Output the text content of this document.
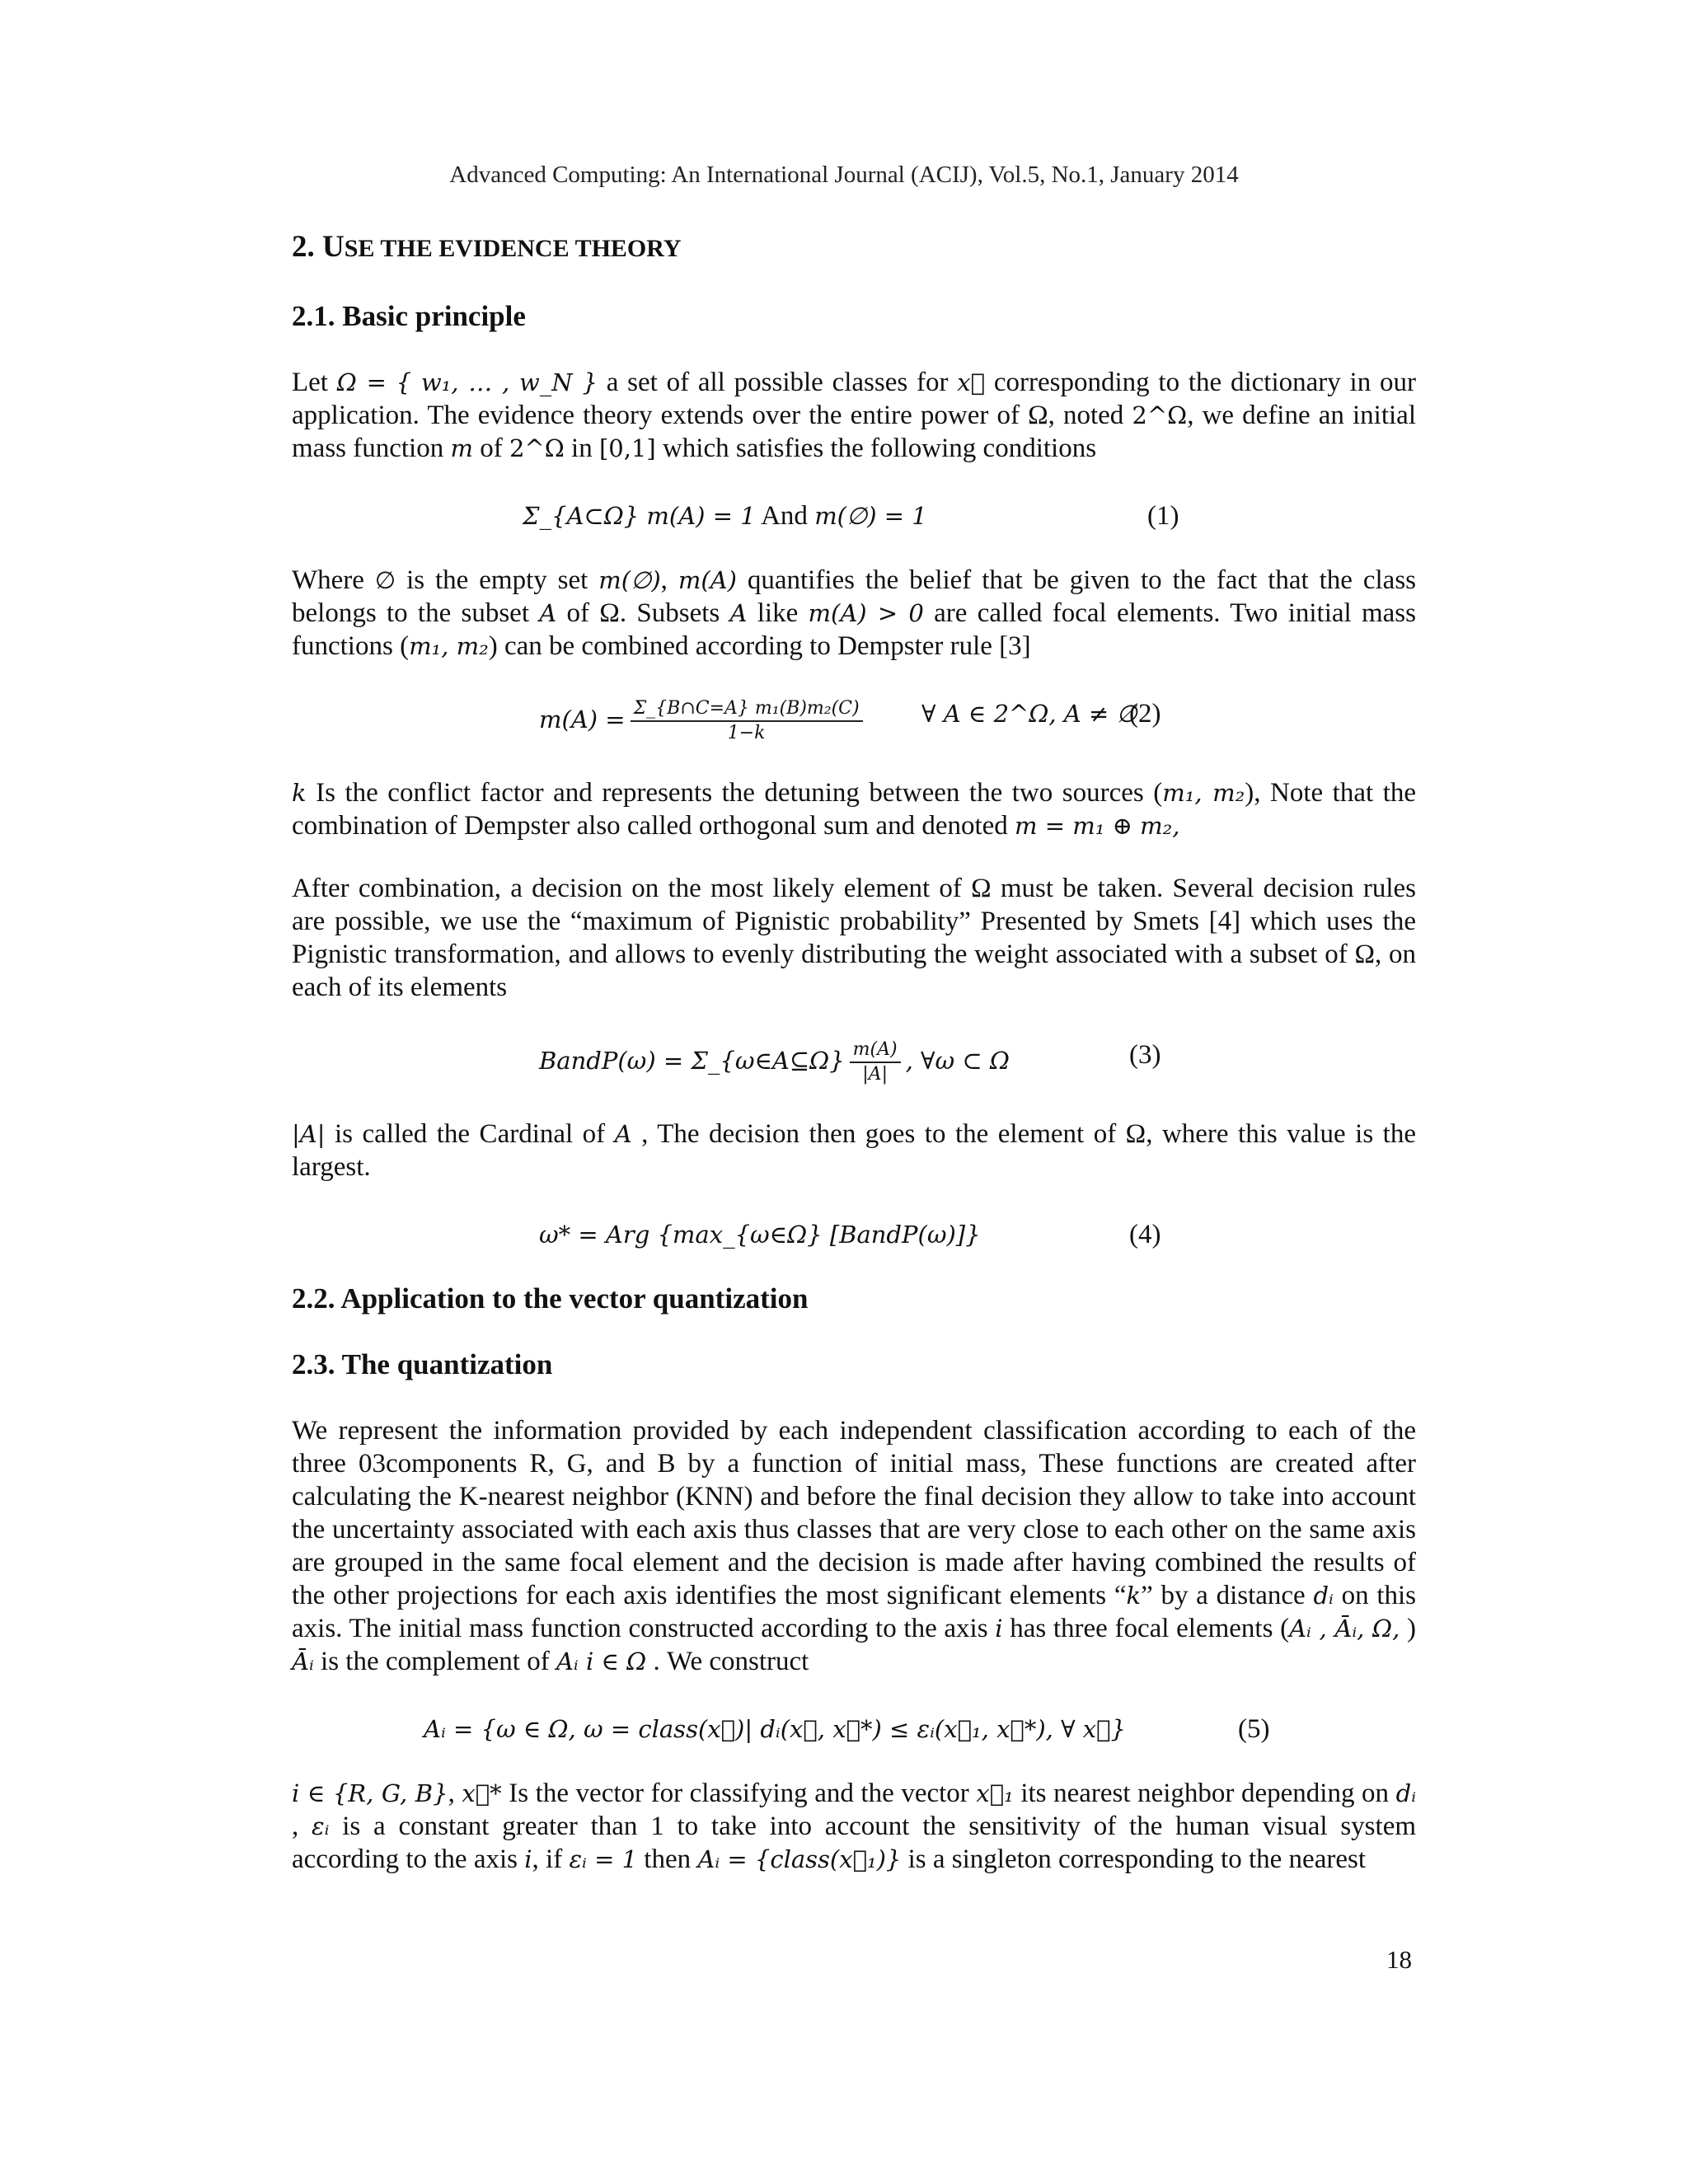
Advanced Computing: An International Journal (ACIJ), Vol.5, No.1, January 2014
2. USE THE EVIDENCE THEORY
2.1. Basic principle

Let Ω = { w₁, … , w_N } a set of all possible classes for x⃗ corresponding to the dictionary in our application. The evidence theory extends over the entire power of Ω, noted 2^Ω, we define an initial mass function m of 2^Ω in [0,1] which satisfies the following conditions

Σ_{A⊂Ω} m(A) = 1 And m(∅) = 1	(1)

Where ∅ is the empty set m(∅), m(A) quantifies the belief that be given to the fact that the class belongs to the subset A of Ω. Subsets A like m(A) > 0 are called focal elements. Two initial mass functions (m₁, m₂) can be combined according to Dempster rule [3]

$m(A) = \frac{\text{Σ\_\{B∩C=A\} m₁(B)m₂(C)}}{1-k}$ ∀ A ∈ 2^Ω, A ≠ ∅
(2)

k Is the conflict factor and represents the detuning between the two sources (m₁, m₂), Note that the combination of Dempster also called orthogonal sum and denoted m = m₁ ⊕ m₂,

After combination, a decision on the most likely element of Ω must be taken. Several decision rules are possible, we use the “maximum of Pignistic probability” Presented by Smets [4] which uses the Pignistic transformation, and allows to evenly distributing the weight associated with a subset of Ω, on each of its elements

BandP(ω) = Σ_{ω∈A⊆Ω} $\frac{m(A)}{|A|}$ , ∀ω ⊂ Ω	(3)

|A| is called the Cardinal of A , The decision then goes to the element of Ω, where this value is the largest.

ω* = Arg {max_{ω∈Ω} [BandP(ω)]}	(4)
2.2. Application to the vector quantization
2.3. The quantization

We represent the information provided by each independent classification according to each of the three 03components R, G, and B by a function of initial mass, These functions are created after calculating the K-nearest neighbor (KNN) and before the final decision they allow to take into account the uncertainty associated with each axis thus classes that are very close to each other on the same axis are grouped in the same focal element and the decision is made after having combined the results of the other projections for each axis identifies the most significant elements “k” by a distance dᵢ on this axis. The initial mass function constructed according to the axis i has three focal elements (Aᵢ , Āᵢ, Ω, ) Āᵢ is the complement of Aᵢ i ∈ Ω . We construct

Aᵢ = {ω ∈ Ω, ω = class(x⃗)| dᵢ(x⃗, x⃗*) ≤ εᵢ(x⃗₁, x⃗*), ∀ x⃗}	(5)

i ∈ {R, G, B}, x⃗* Is the vector for classifying and the vector x⃗₁ its nearest neighbor depending on dᵢ , εᵢ is a constant greater than 1 to take into account the sensitivity of the human visual system according to the axis i, if εᵢ = 1 then Aᵢ = {class(x⃗₁)} is a singleton corresponding to the nearest

18
